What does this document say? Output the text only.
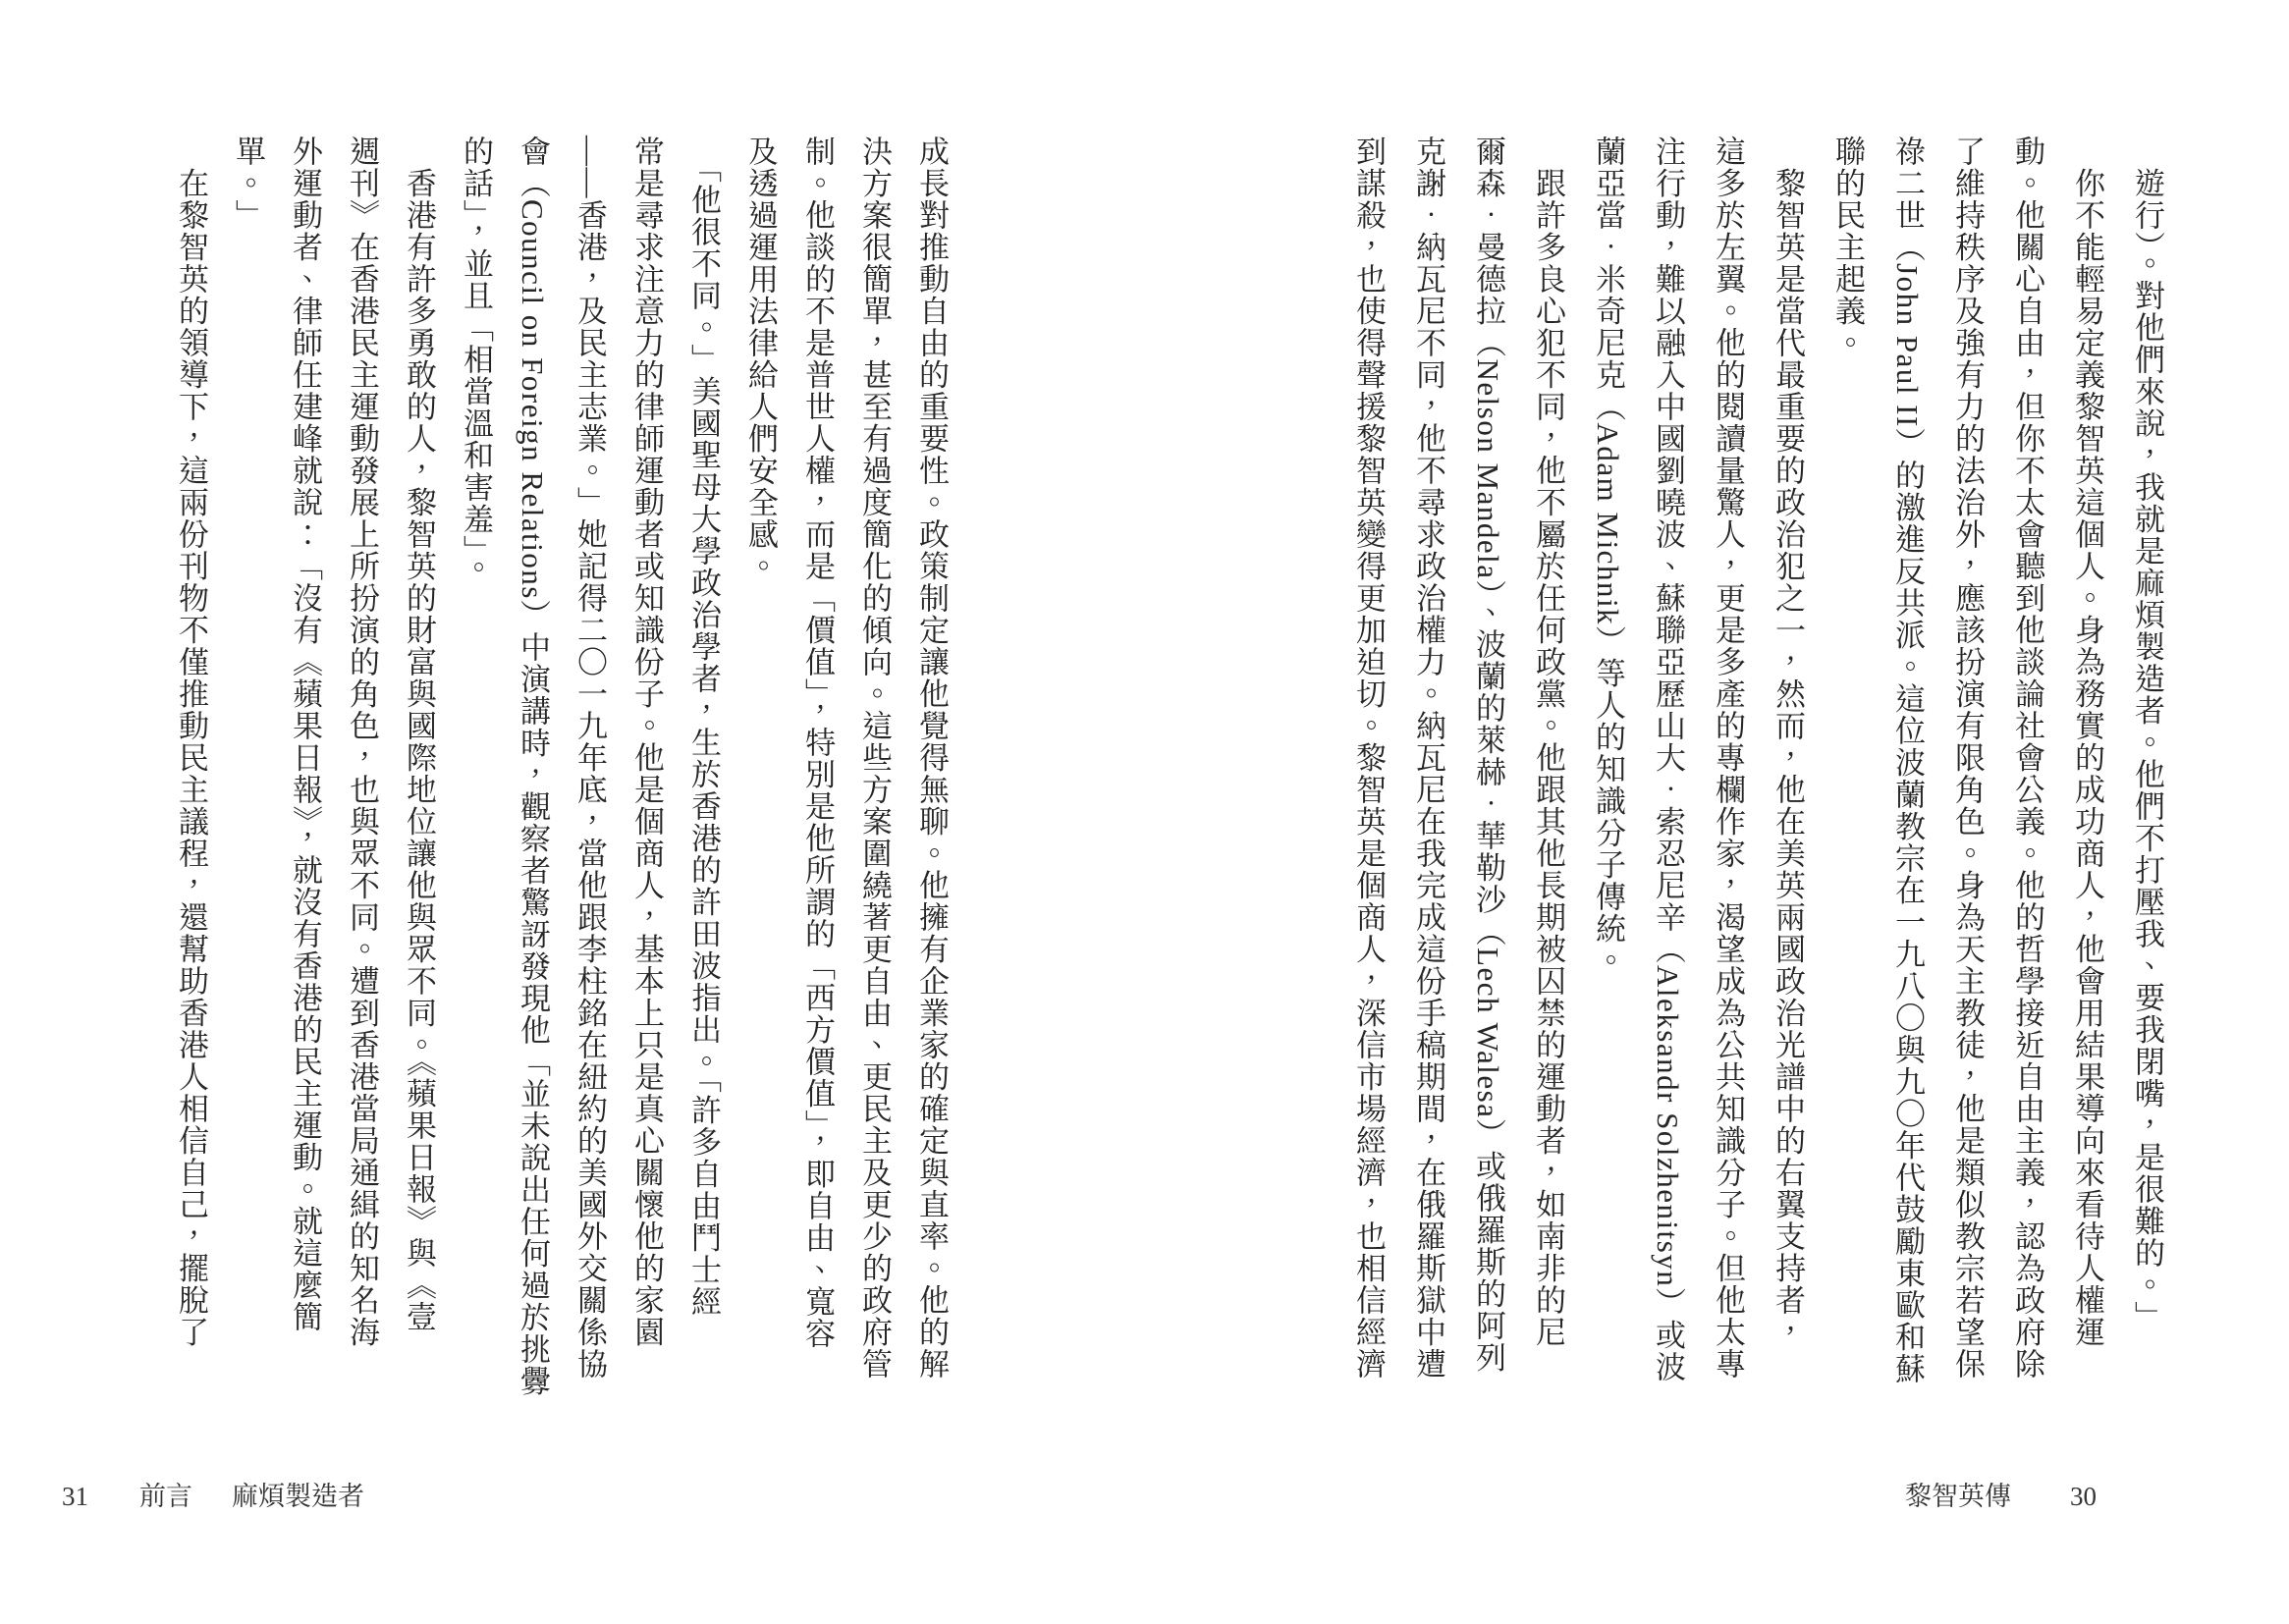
成長對推動自由的重要性。政策制定讓他覺得無聊。他擁有企業家的確定與直率。他的解
決方案很簡單，甚至有過度簡化的傾向。這些方案圍繞著更自由、更民主及更少的政府管
制。他談的不是普世人權，而是「價值」，特別是他所謂的「西方價值」，即自由、寬容
及透過運用法律給人們安全感。
　「他很不同。」美國聖母大學政治學者，生於香港的許田波指出。「許多自由鬥士經
常是尋求注意力的律師運動者或知識份子。他是個商人，基本上只是真心關懷他的家園
——香港，及民主志業。」她記得二〇一九年底，當他跟李柱銘在紐約的美國外交關係協
會（Council on Foreign Relations）中演講時，觀察者驚訝發現他「並未說出任何過於挑釁
的話」，並且「相當溫和害羞」。
　香港有許多勇敢的人，黎智英的財富與國際地位讓他與眾不同。《蘋果日報》與《壹
週刊》在香港民主運動發展上所扮演的角色，也與眾不同。遭到香港當局通緝的知名海
外運動者、律師任建峰就說：「沒有《蘋果日報》，就沒有香港的民主運動。就這麼簡
單。」
　在黎智英的領導下，這兩份刊物不僅推動民主議程，還幫助香港人相信自己，擺脫了
31 前言 麻煩製造者
　遊行）。對他們來說，我就是麻煩製造者。他們不打壓我、要我閉嘴，是很難的。」
　你不能輕易定義黎智英這個人。身為務實的成功商人，他會用結果導向來看待人權運
動。他關心自由，但你不太會聽到他談論社會公義。他的哲學接近自由主義，認為政府除
了維持秩序及強有力的法治外，應該扮演有限角色。身為天主教徒，他是類似教宗若望保
祿二世（John Paul II）的激進反共派。這位波蘭教宗在一九八〇與九〇年代鼓勵東歐和蘇
聯的民主起義。
　黎智英是當代最重要的政治犯之一，然而，他在美英兩國政治光譜中的右翼支持者，
這多於左翼。他的閱讀量驚人，更是多產的專欄作家，渴望成為公共知識分子。但他太專
注行動，難以融入中國劉曉波、蘇聯亞歷山大．索忍尼辛（Aleksandr Solzhenitsyn）或波
蘭亞當．米奇尼克（Adam Michnik）等人的知識分子傳統。
　跟許多良心犯不同，他不屬於任何政黨。他跟其他長期被囚禁的運動者，如南非的尼
爾森．曼德拉（Nelson Mandela）、波蘭的萊赫．華勒沙（Lech Walesa）或俄羅斯的阿列
克謝．納瓦尼不同，他不尋求政治權力。納瓦尼在我完成這份手稿期間，在俄羅斯獄中遭
到謀殺，也使得聲援黎智英變得更加迫切。黎智英是個商人，深信市場經濟，也相信經濟
黎智英傳 30
